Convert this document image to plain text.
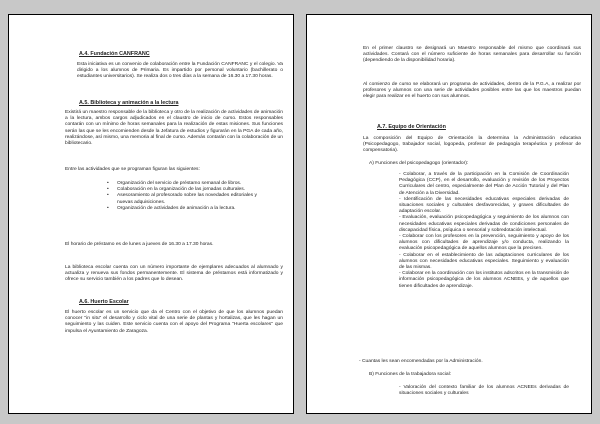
A.4. Fundación CANFRANC
Esta iniciativa es un convenio de colaboración entre la Fundación CANFRANC y el colegio. Va dirigido a los alumnos de Primaria. Es impartido por personal voluntario (bachillerato o estudiantes universitarios). Se realiza dos o tres días a la semana de 16.30 a 17.30 horas.
A.5. Biblioteca y animación a la lectura
Existirá un maestro responsable de la biblioteca y otro de la realización de actividades de animación a la lectura, ambos cargos adjudicados en el claustro de inicio de curso. Estos responsables contarán con un mínimo de horas semanales para la realización de estas misiones. Sus funciones serán las que se les encomienden desde la Jefatura de estudios y figurarán en la PGA de cada año, realizándose, así mismo, una memoria al final de curso. Además contarán con la colaboración de un bibliotecario.
Entre las actividades que se programan figuran las siguientes:
• Organización del servicio de préstamo semanal de libros.
• Colaboración en la organización de las jornadas culturales.
• Asesoramiento al profesorado sobre las novedades editoriales y nuevas adquisiciones.
• Organización de actividades de animación a la lectura.
El horario de préstamo es de lunes a jueves de 16.30 a 17.30 horas.
La biblioteca escolar cuenta con un número importante de ejemplares adecuados al alumnado y actualiza y renueva sus fondos permanentemente. El sistema de préstamos está informatizado y ofrece su servicio también a los padres que lo desean.
A.6. Huerto Escolar
El huerto escolar es un servicio que da el Centro con el objetivo de que los alumnos puedan conocer "in situ" el desarrollo y ciclo vital de una serie de plantas y hortalizas, que les hagan un seguimiento y las cuiden. Este servicio cuenta con el apoyo del Programa "Huerta escolares" que impulsa el Ayuntamiento de Zaragoza.
En el primer claustro se designará un Maestro responsable del mismo que coordinará sus actividades. Contará con el número suficiente de horas semanales para desarrollar su función (dependiendo de la disponibilidad horaria).
Al comienzo de curso se elaborará un programa de actividades, dentro de la P.G.A, a realizar por profesores y alumnos con una serie de actividades posibles entre las que los maestros puedan elegir para realizar en el huerto con sus alumnos.
A.7. Equipo de Orientación
La composición del Equipo de Orientación la determina la Administración educativa (Psicopedagogo, trabajador social, logopeda, profesor de pedagogía terapéutica y profesor de compensatoria).
A) Funciones del psicopedagogo (orientador):
- Colaborar, a través de la participación en la Comisión de Coordinación Pedagógica (CCP), en el desarrollo, evaluación y revisión de los Proyectos Curriculares del centro, especialmente del Plan de Acción Tutorial y del Plan de Atención a la Diversidad.
- Identificación de las necesidades educativas especiales derivadas de situaciones sociales y culturales desfavorecidas, y graves dificultades de adaptación escolar.
- Evaluación, evaluación psicopedagógica y seguimiento de los alumnos con necesidades educativas especiales derivadas de condiciones personales de discapacidad física, psíquica o sensorial y sobredotación intelectual.
- Colaborar con los profesores en la prevención, seguimiento y apoyo de los alumnos con dificultades de aprendizaje y/o conducta, realizando la evaluación psicopedagógica de aquellos alumnos que la precisen.
- Colaborar en el establecimiento de las adaptaciones curriculares de los alumnos con necesidades educativas especiales. Seguimiento y evaluación de las mismas.
- Colaborar en la coordinación con los institutos adscritos en la transmisión de información psicopedagógica de los alumnos ACNEEs, y de aquellos que tienen dificultades de aprendizaje.
- Cuantas les sean encomendadas por la Administración.
B) Funciones de la trabajadora social:
- Valoración del contexto familiar de los alumnos ACNEEs derivadas de situaciones sociales y culturales
